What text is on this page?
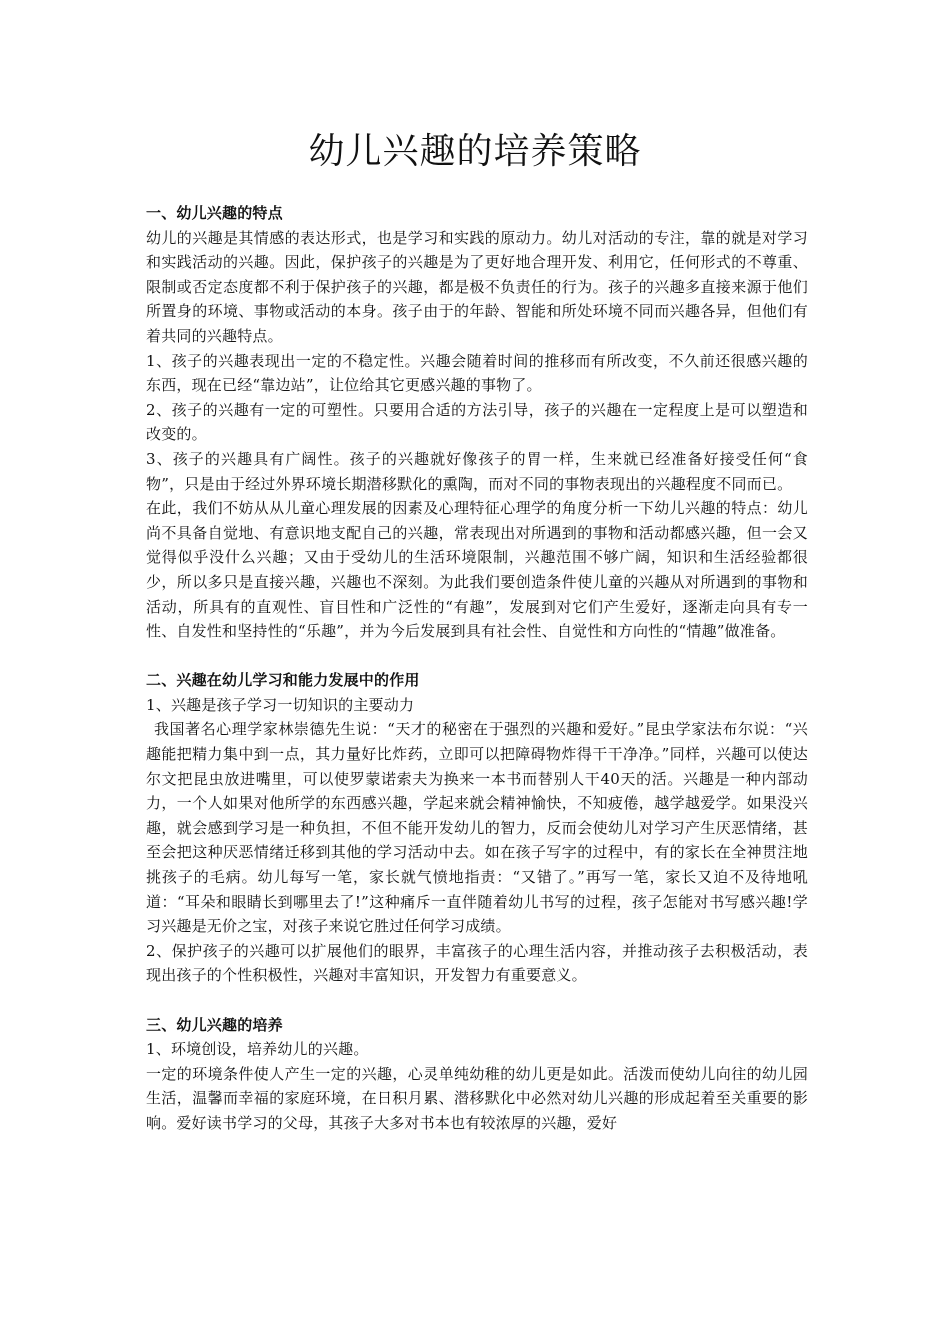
幼儿兴趣的培养策略

一、幼儿兴趣的特点

幼儿的兴趣是其情感的表达形式，也是学习和实践的原动力。幼儿对活动的专注，靠的就是对学习和实践活动的兴趣。因此，保护孩子的兴趣是为了更好地合理开发、利用它，任何形式的不尊重、限制或否定态度都不利于保护孩子的兴趣，都是极不负责任的行为。孩子的兴趣多直接来源于他们所置身的环境、事物或活动的本身。孩子由于的年龄、智能和所处环境不同而兴趣各异，但他们有着共同的兴趣特点。

1、孩子的兴趣表现出一定的不稳定性。兴趣会随着时间的推移而有所改变，不久前还很感兴趣的东西，现在已经“靠边站”，让位给其它更感兴趣的事物了。

2、孩子的兴趣有一定的可塑性。只要用合适的方法引导，孩子的兴趣在一定程度上是可以塑造和改变的。

3、孩子的兴趣具有广阔性。孩子的兴趣就好像孩子的胃一样，生来就已经准备好接受任何“食物”，只是由于经过外界环境长期潜移默化的熏陶，而对不同的事物表现出的兴趣程度不同而已。

在此，我们不妨从从儿童心理发展的因素及心理特征心理学的角度分析一下幼儿兴趣的特点：幼儿尚不具备自觉地、有意识地支配自己的兴趣，常表现出对所遇到的事物和活动都感兴趣，但一会又觉得似乎没什么兴趣；又由于受幼儿的生活环境限制，兴趣范围不够广阔，知识和生活经验都很少，所以多只是直接兴趣，兴趣也不深刻。为此我们要创造条件使儿童的兴趣从对所遇到的事物和活动，所具有的直观性、盲目性和广泛性的“有趣”，发展到对它们产生爱好，逐渐走向具有专一性、自发性和坚持性的“乐趣”，并为今后发展到具有社会性、自觉性和方向性的“情趣”做准备。

二、兴趣在幼儿学习和能力发展中的作用

1、兴趣是孩子学习一切知识的主要动力

我国著名心理学家林崇德先生说：“天才的秘密在于强烈的兴趣和爱好。”昆虫学家法布尔说：“兴趣能把精力集中到一点，其力量好比炸药，立即可以把障碍物炸得干干净净。”同样，兴趣可以使达尔文把昆虫放进嘴里，可以使罗蒙诺索夫为换来一本书而替别人干40天的活。兴趣是一种内部动力，一个人如果对他所学的东西感兴趣，学起来就会精神愉快，不知疲倦，越学越爱学。如果没兴趣，就会感到学习是一种负担，不但不能开发幼儿的智力，反而会使幼儿对学习产生厌恶情绪，甚至会把这种厌恶情绪迁移到其他的学习活动中去。如在孩子写字的过程中，有的家长在全神贯注地挑孩子的毛病。幼儿每写一笔，家长就气愤地指责：“又错了。”再写一笔，家长又迫不及待地吼道：“耳朵和眼睛长到哪里去了!”这种痛斥一直伴随着幼儿书写的过程，孩子怎能对书写感兴趣!学习兴趣是无价之宝，对孩子来说它胜过任何学习成绩。

2、保护孩子的兴趣可以扩展他们的眼界，丰富孩子的心理生活内容，并推动孩子去积极活动，表现出孩子的个性积极性，兴趣对丰富知识，开发智力有重要意义。

三、幼儿兴趣的培养

1、环境创设，培养幼儿的兴趣。

一定的环境条件使人产生一定的兴趣，心灵单纯幼稚的幼儿更是如此。活泼而使幼儿向往的幼儿园生活，温馨而幸福的家庭环境，在日积月累、潜移默化中必然对幼儿兴趣的形成起着至关重要的影响。爱好读书学习的父母，其孩子大多对书本也有较浓厚的兴趣，爱好
